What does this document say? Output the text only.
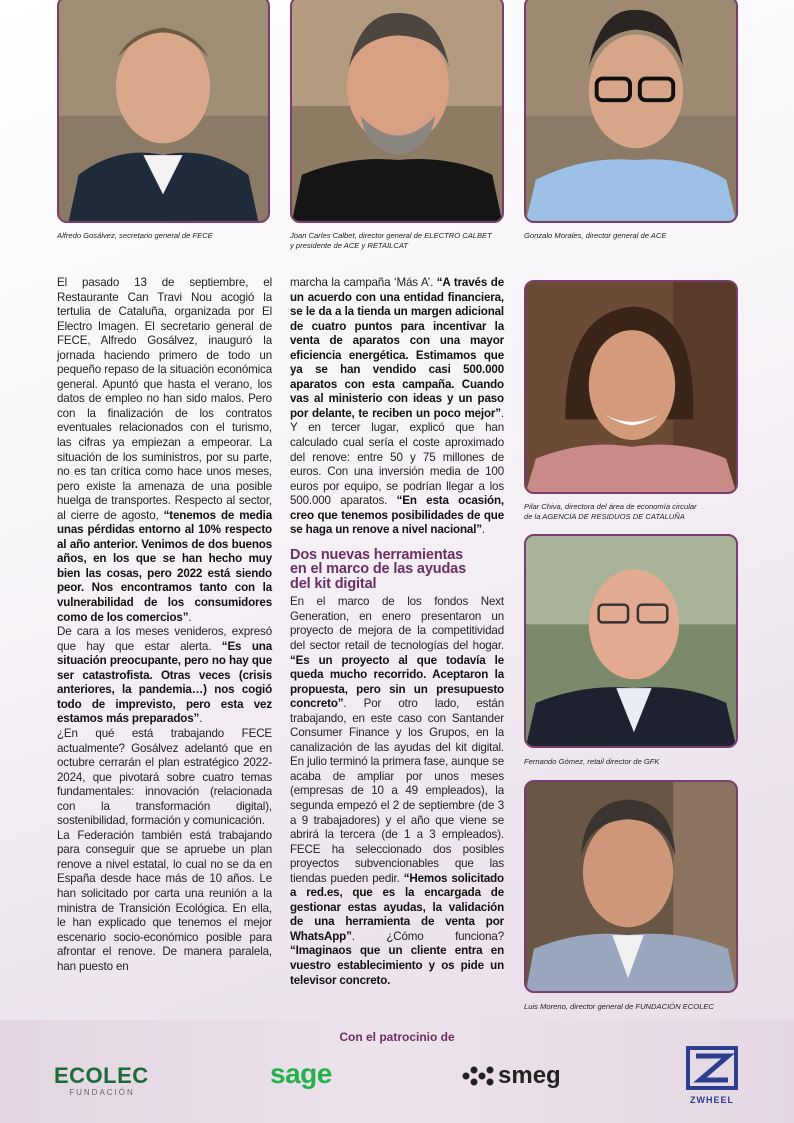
Alfredo Gosálvez, secretario general de FECE	Joan Carles Calbet, director general de ELECTRO CALBET
y presidente de ACE y RETAILCAT
Gonzalo Morales, director general de ACE
Pilar Chiva, directora del área de economía circular
de la AGENCIA DE RESIDUOS DE CATALUÑA
Fernando Gómez, retail director de GFK
Luis Moreno, director general de FUNDACIÓN ECOLEC

El pasado 13 de septiembre, el Restaurante Can Travi Nou acogió la tertulia de Cataluña, organizada por El Electro Imagen. El secretario general de FECE, Alfredo Gosálvez, inauguró la jornada haciendo primero de todo un pequeño repaso de la situación económica general. Apuntó que hasta el verano, los datos de empleo no han sido malos. Pero con la finalización de los contratos eventuales relacionados con el turismo, las cifras ya empiezan a empeorar. La situación de los suministros, por su parte, no es tan crítica como hace unos meses, pero existe la amenaza de una posible huelga de transportes. Respecto al sector, al cierre de agosto, “tenemos de media unas pérdidas entorno al 10% respecto al año anterior. Venimos de dos buenos años, en los que se han hecho muy bien las cosas, pero 2022 está siendo peor. Nos encontramos tanto con la vulnerabilidad de los consumidores como de los comercios”.

De cara a los meses venideros, expresó que hay que estar alerta. “Es una situación preocupante, pero no hay que ser catastrofista. Otras veces (crisis anteriores, la pandemia…) nos cogió todo de imprevisto, pero esta vez estamos más preparados”.

¿En qué está trabajando FECE actualmente? Gosálvez adelantó que en octubre cerrarán el plan estratégico 2022-2024, que pivotará sobre cuatro temas fundamentales: innovación (relacionada con la transformación digital), sostenibilidad, formación y comunicación.

La Federación también está trabajando para conseguir que se apruebe un plan renove a nivel estatal, lo cual no se da en España desde hace más de 10 años. Le han solicitado por carta una reunión a la ministra de Transición Ecológica. En ella, le han explicado que tenemos el mejor escenario socio-económico posible para afrontar el renove. De manera paralela, han puesto en

marcha la campaña ‘Más A’. “A través de un acuerdo con una entidad financiera, se le da a la tienda un margen adicional de cuatro puntos para incentivar la venta de aparatos con una mayor eficiencia energética. Estimamos que ya se han vendido casi 500.000 aparatos con esta campaña. Cuando vas al ministerio con ideas y un paso por delante, te reciben un poco mejor”. Y en tercer lugar, explicó que han calculado cual sería el coste aproximado del renove: entre 50 y 75 millones de euros. Con una inversión media de 100 euros por equipo, se podrían llegar a los 500.000 aparatos. “En esta ocasión, creo que tenemos posibilidades de que se haga un renove a nivel nacional”.

Dos nuevas herramientas
en el marco de las ayudas
del kit digital

En el marco de los fondos Next Generation, en enero presentaron un proyecto de mejora de la competitividad del sector retail de tecnologías del hogar. “Es un proyecto al que todavía le queda mucho recorrido. Aceptaron la propuesta, pero sin un presupuesto concreto”. Por otro lado, están trabajando, en este caso con Santander Consumer Finance y los Grupos, en la canalización de las ayudas del kit digital. En julio terminó la primera fase, aunque se acaba de ampliar por unos meses (empresas de 10 a 49 empleados), la segunda empezó el 2 de septiembre (de 3 a 9 trabajadores) y el año que viene se abrirá la tercera (de 1 a 3 empleados). FECE ha seleccionado dos posibles proyectos subvencionables que las tiendas pueden pedir. “Hemos solicitado a red.es, que es la encargada de gestionar estas ayudas, la validación de una herramienta de venta por WhatsApp”. ¿Cómo funciona? “Imaginaos que un cliente entra en vuestro establecimiento y os pide un televisor concreto.

Con el patrocinio de
ECOLEC
FUNDACIÓN
sage	smeg
ZWHEEL
